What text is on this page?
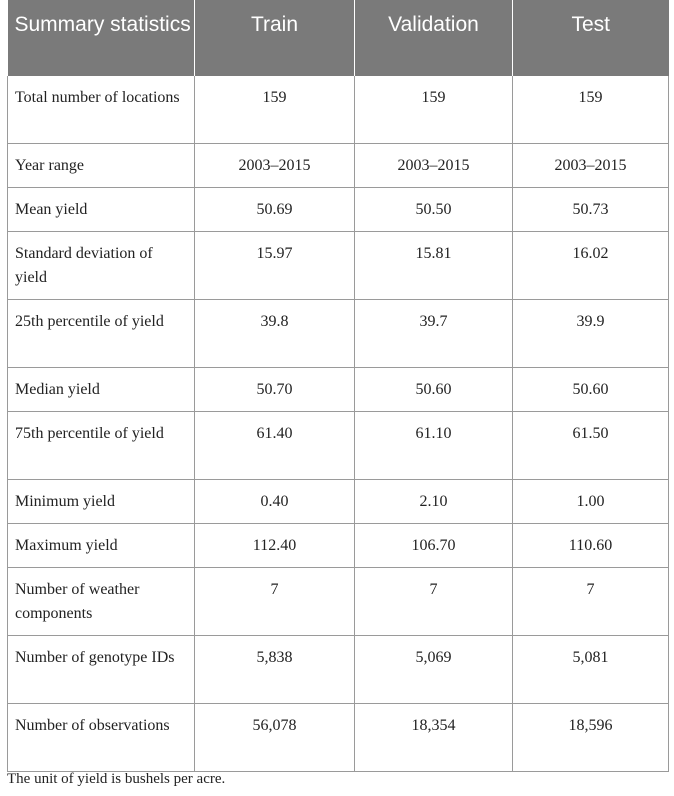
Summary statistics	Train	Validation	Test
Total number of locations	159	159	159
Year range	2003–2015	2003–2015	2003–2015
Mean yield	50.69	50.50	50.73
Standard deviation of yield	15.97	15.81	16.02
25th percentile of yield	39.8	39.7	39.9
Median yield	50.70	50.60	50.60
75th percentile of yield	61.40	61.10	61.50
Minimum yield	0.40	2.10	1.00
Maximum yield	112.40	106.70	110.60
Number of weather components	7	7	7
Number of genotype IDs	5,838	5,069	5,081
Number of observations	56,078	18,354	18,596
The unit of yield is bushels per acre.
